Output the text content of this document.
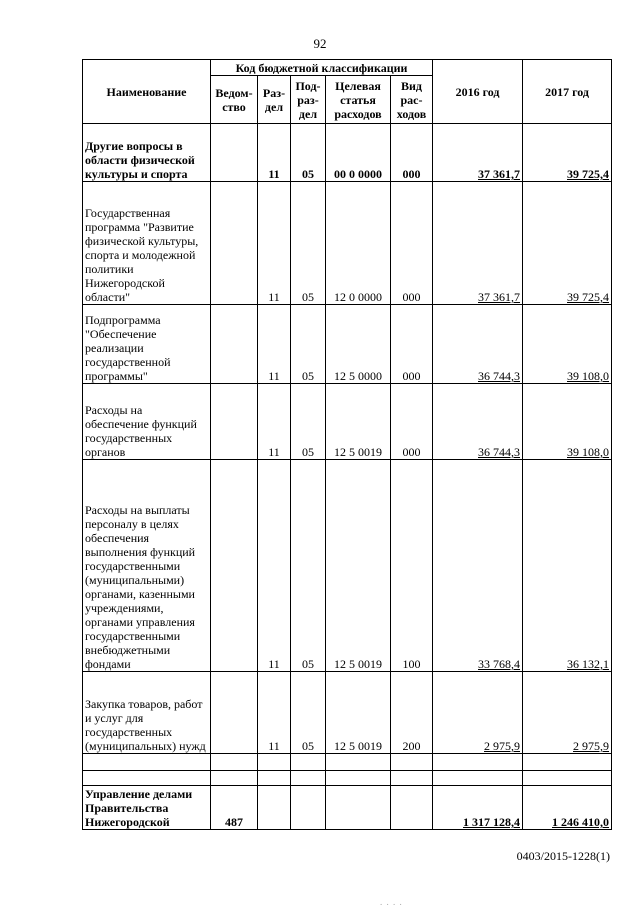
92
Наименование	Код бюджетной классификации					2016 год	2017 год
	Ведом-ство	Раз-дел	Под-раз-дел	Целевая статья расходов	Вид рас-ходов		
Другие вопросы в области физической культуры и спорта		11	05	00 0 0000	000	37 361,7	39 725,4
Государственная программа "Развитие физической культуры, спорта и молодежной политики Нижегородской области"		11	05	12 0 0000	000	37 361,7	39 725,4
Подпрограмма "Обеспечение реализации государственной программы"		11	05	12 5 0000	000	36 744,3	39 108,0
Расходы на обеспечение функций государственных органов		11	05	12 5 0019	000	36 744,3	39 108,0
Расходы на выплаты персоналу в целях обеспечения выполнения функций государственными (муниципальными) органами, казенными учреждениями, органами управления государственными внебюджетными фондами		11	05	12 5 0019	100	33 768,4	36 132,1
Закупка товаров, работ и услуг для государственных (муниципальных) нужд		11	05	12 5 0019	200	2 975,9	2 975,9

Управление делами Правительства Нижегородской	487					1 317 128,4	1 246 410,0
0403/2015-1228(1)
. . . .
